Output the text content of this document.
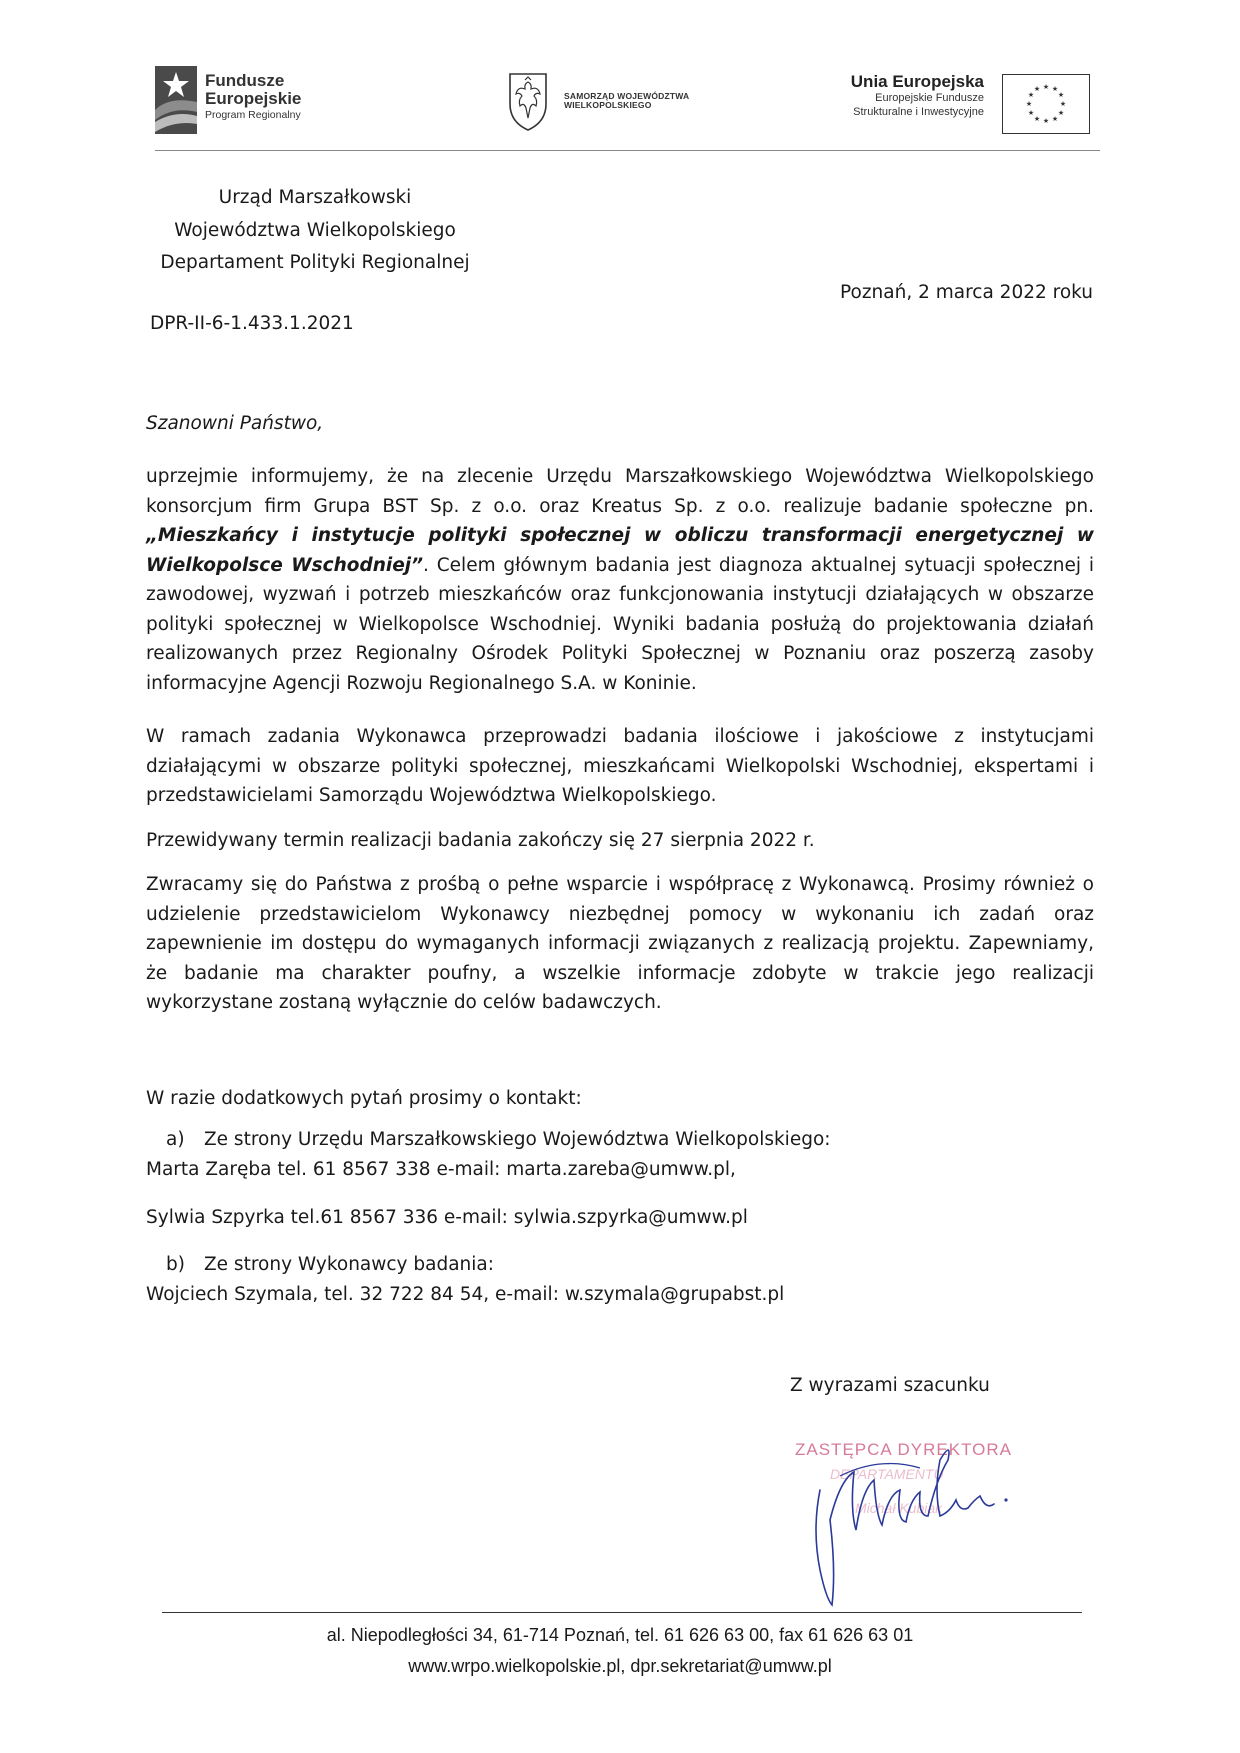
Fundusze
Europejskie
Program Regionalny
SAMORZĄD WOJEWÓDZTWA
WIELKOPOLSKIEGO
Unia Europejska
Europejskie Fundusze
Strukturalne i Inwestycyjne
★ ★
★
★
★
★
★
★
★
★
★
★
Urząd Marszałkowski
Województwa Wielkopolskiego
Departament Polityki Regionalnej
Poznań, 2 marca 2022 roku
DPR-II-6-1.433.1.2021
Szanowni Państwo,
uprzejmie informujemy, że na zlecenie Urzędu Marszałkowskiego Województwa Wielkopolskiego konsorcjum firm Grupa BST Sp. z o.o. oraz Kreatus Sp. z o.o. realizuje badanie społeczne pn. „Mieszkańcy i instytucje polityki społecznej w obliczu transformacji energetycznej w Wielkopolsce Wschodniej”. Celem głównym badania jest diagnoza aktualnej sytuacji społecznej i zawodowej, wyzwań i potrzeb mieszkańców oraz funkcjonowania instytucji działających w obszarze polityki społecznej w Wielkopolsce Wschodniej. Wyniki badania posłużą do projektowania działań realizowanych przez Regionalny Ośrodek Polityki Społecznej w Poznaniu oraz poszerzą zasoby informacyjne Agencji Rozwoju Regionalnego S.A. w Koninie.
W ramach zadania Wykonawca przeprowadzi badania ilościowe i jakościowe z instytucjami działającymi w obszarze polityki społecznej, mieszkańcami Wielkopolski Wschodniej, ekspertami i przedstawicielami Samorządu Województwa Wielkopolskiego.
Przewidywany termin realizacji badania zakończy się 27 sierpnia 2022 r.
Zwracamy się do Państwa z prośbą o pełne wsparcie i współpracę z Wykonawcą. Prosimy również o udzielenie przedstawicielom Wykonawcy niezbędnej pomocy w wykonaniu ich zadań oraz zapewnienie im dostępu do wymaganych informacji związanych z realizacją projektu. Zapewniamy, że badanie ma charakter poufny, a wszelkie informacje zdobyte w trakcie jego realizacji wykorzystane zostaną wyłącznie do celów badawczych.
W razie dodatkowych pytań prosimy o kontakt:
a) Ze strony Urzędu Marszałkowskiego Województwa Wielkopolskiego:
Marta Zaręba tel. 61 8567 338 e-mail: marta.zareba@umww.pl,
Sylwia Szpyrka tel.61 8567 336 e-mail: sylwia.szpyrka@umww.pl
b) Ze strony Wykonawcy badania:
Wojciech Szymala, tel. 32 722 84 54, e-mail: w.szymala@grupabst.pl
Z wyrazami szacunku
ZASTĘPCA DYREKTORA
DEPARTAMENTU
Michał Kubiak
al. Niepodległości 34, 61-714 Poznań, tel. 61 626 63 00, fax 61 626 63 01
www.wrpo.wielkopolskie.pl, dpr.sekretariat@umww.pl
